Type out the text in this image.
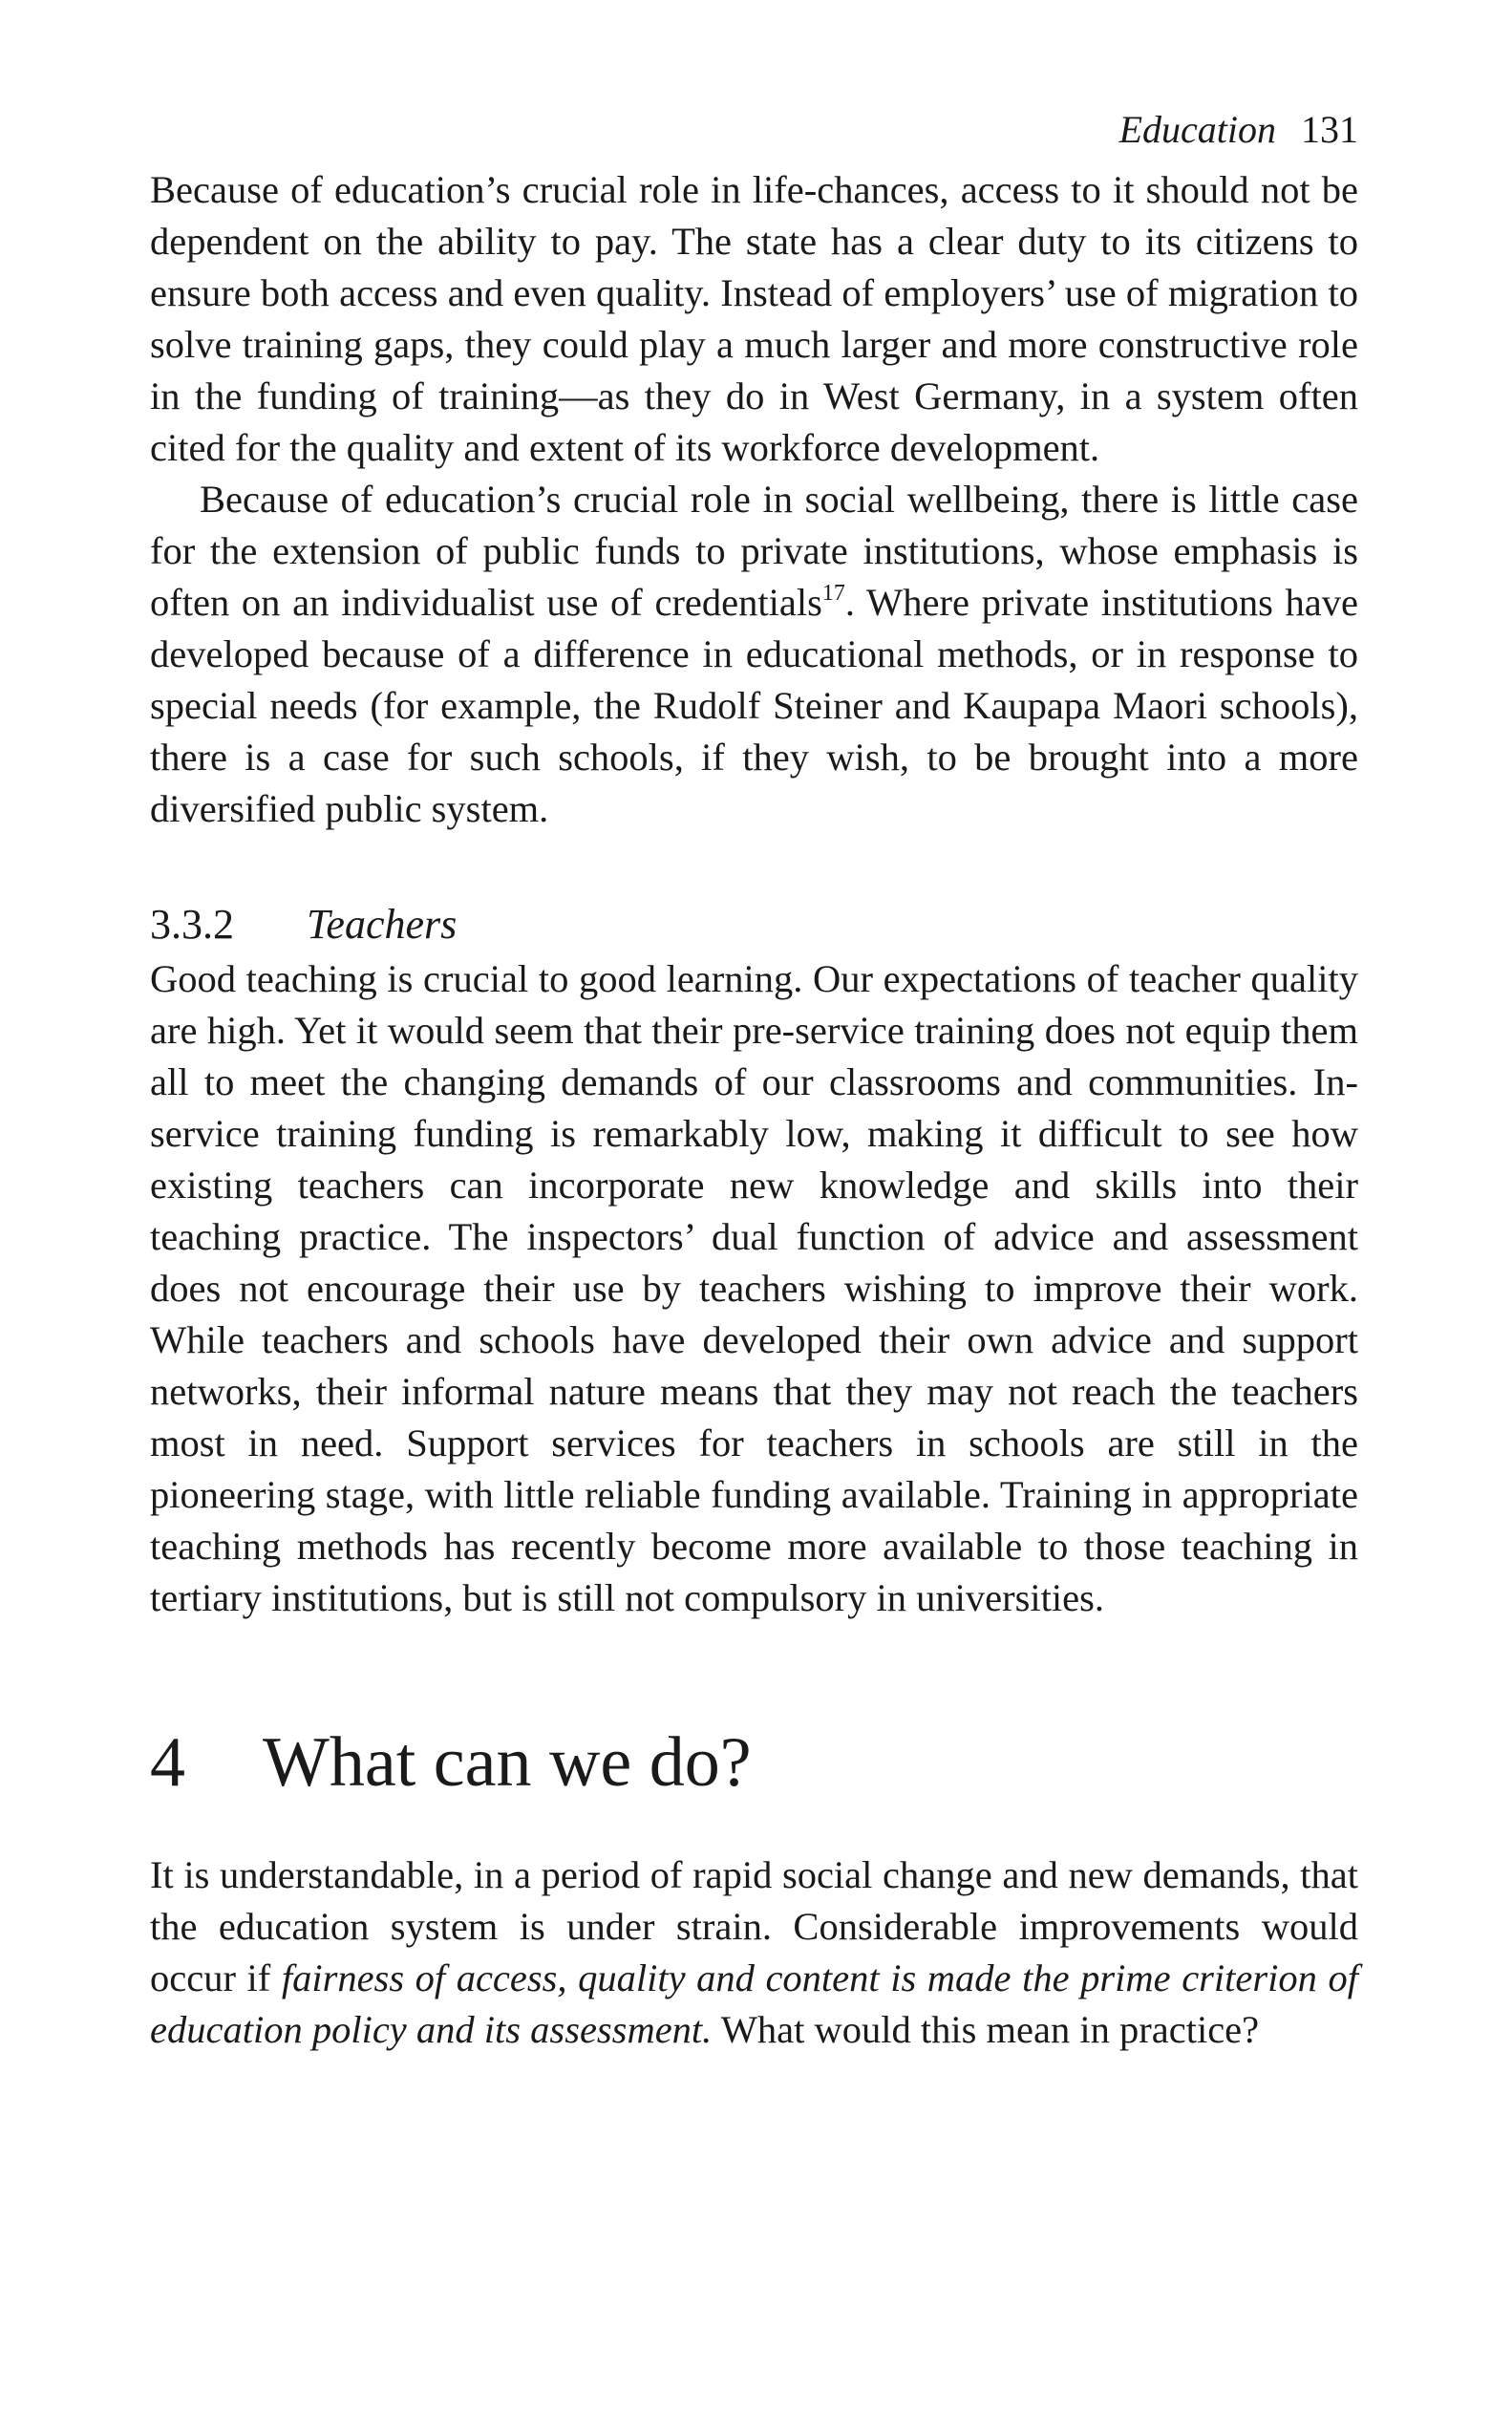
Education 131

Because of education’s crucial role in life-chances, access to it should not be dependent on the ability to pay. The state has a clear duty to its citizens to ensure both access and even quality. Instead of employers’ use of migration to solve training gaps, they could play a much larger and more constructive role in the funding of training—as they do in West Germany, in a system often cited for the quality and extent of its workforce development.

Because of education’s crucial role in social wellbeing, there is little case for the extension of public funds to private institutions, whose emphasis is often on an individualist use of credentials$^{17}$. Where private institutions have developed because of a difference in educational methods, or in response to special needs (for example, the Rudolf Steiner and Kaupapa Maori schools), there is a case for such schools, if they wish, to be brought into a more diversified public system.

3.3.2 Teachers

Good teaching is crucial to good learning. Our expectations of teacher quality are high. Yet it would seem that their pre-service training does not equip them all to meet the changing demands of our classrooms and communities. In-service training funding is remarkably low, making it difficult to see how existing teachers can incorporate new knowledge and skills into their teaching practice. The inspectors’ dual function of advice and assessment does not encourage their use by teachers wishing to improve their work. While teachers and schools have developed their own advice and support networks, their informal nature means that they may not reach the teachers most in need. Support services for teachers in schools are still in the pioneering stage, with little reliable funding available. Training in appropriate teaching methods has recently become more available to those teaching in tertiary institutions, but is still not compulsory in universities.

4 What can we do?

It is understandable, in a period of rapid social change and new demands, that the education system is under strain. Considerable improvements would occur if fairness of access, quality and content is made the prime criterion of education policy and its assessment. What would this mean in practice?
